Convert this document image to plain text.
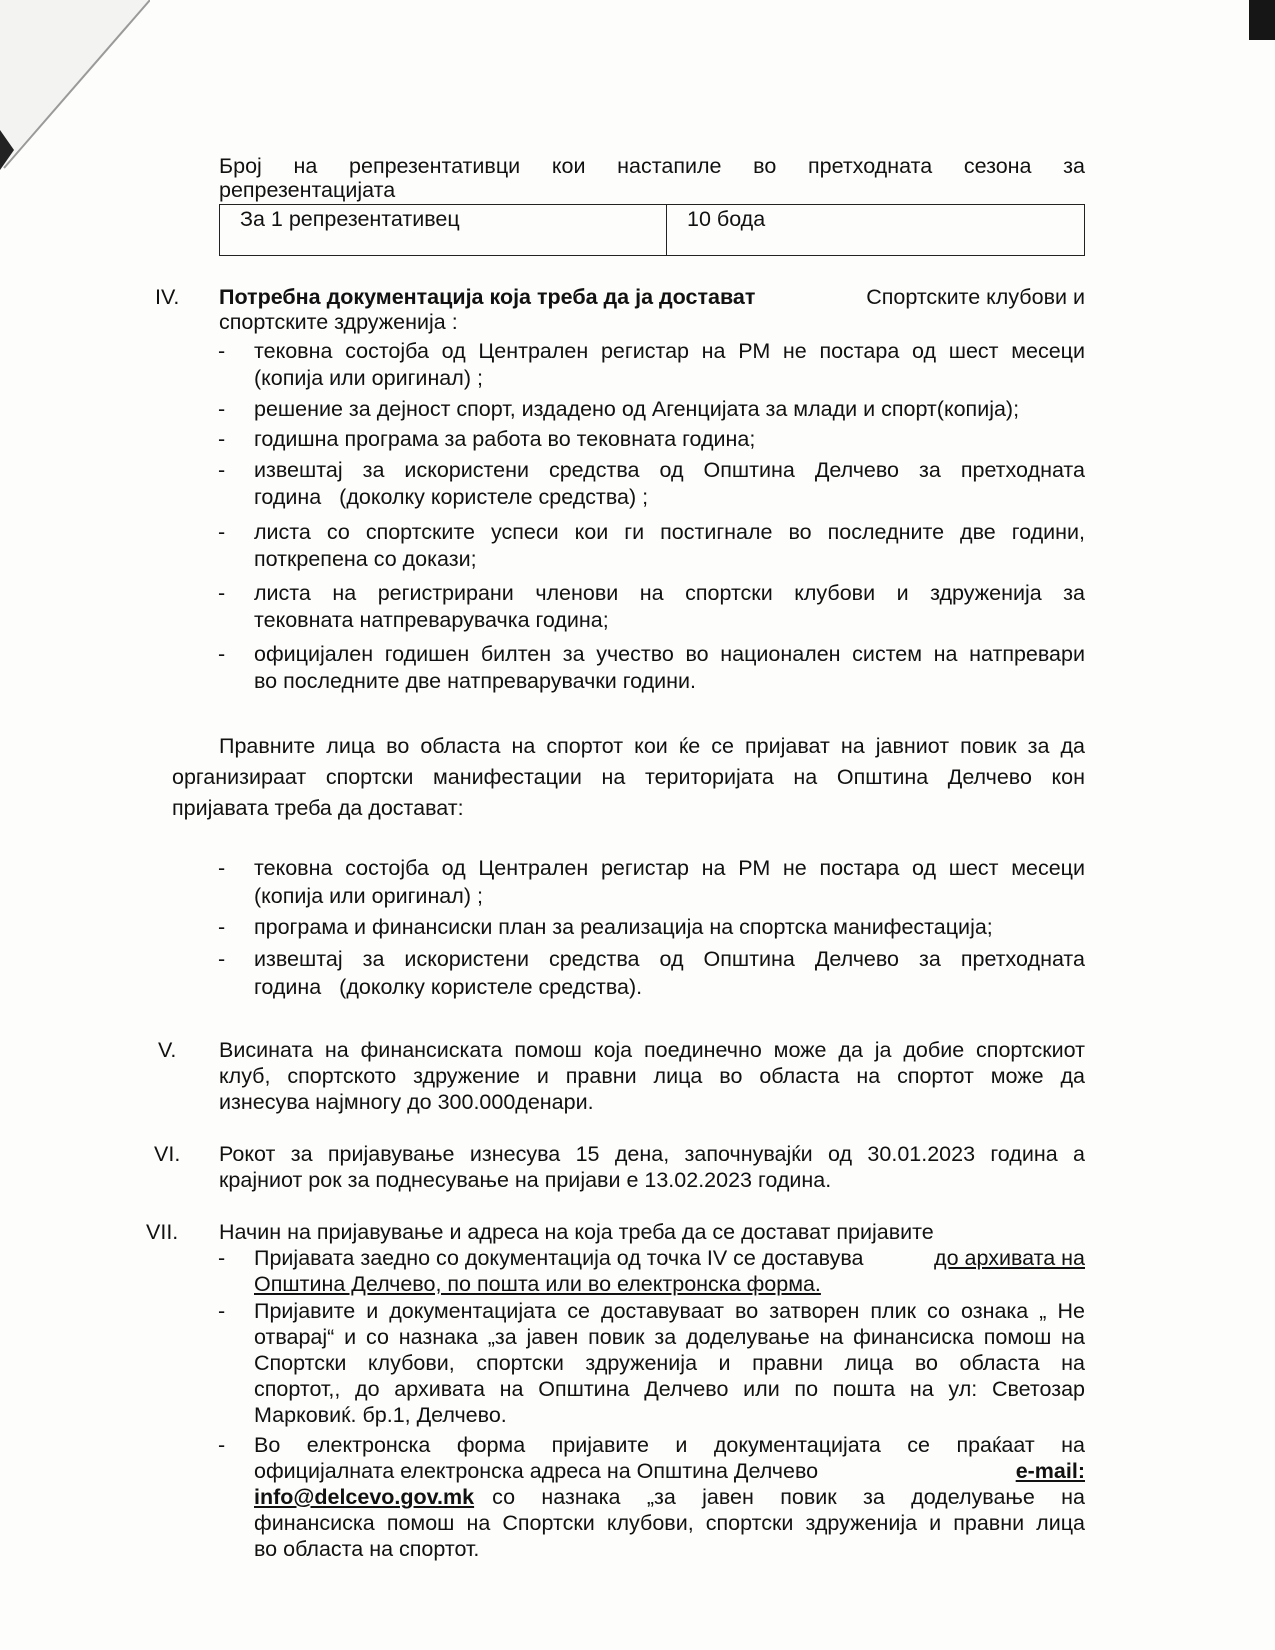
Број на репрезентативци кои настапиле во претходната сезона за
репрезентацијата
За 1 репрезентативец	10 бода
IV. Потребна документација која треба да ја достават	Спортските клубови и
спортските здруженија :
- тековна состојба од Централен регистар на РМ не постара од шест месеци
(копија или оригинал) ;
- решение за дејност спорт, издадено од Агенцијата за млади и спорт(копија);
- годишна програма за работа во тековната година;
- извештај за искористени средства од Општина Делчево за претходната
година   (доколку користеле средства) ;
- листа со спортските успеси кои ги постигнале во последните две години,
поткрепена со докази;
- листа на регистрирани членови на спортски клубови и здруженија за
тековната натпреварувачка година;
- официјален годишен билтен за учество во национален систем на натпревари
во последните две натпреварувачки години.
Правните лица во областа на спортот кои ќе се пријават на јавниот повик за да
организираат спортски манифестации на територијата на Општина Делчево кон
пријавата треба да достават:
- тековна состојба од Централен регистар на РМ не постара од шест месеци
(копија или оригинал) ;
- програма и финансиски план за реализација на спортска манифестација;
- извештај за искористени средства од Општина Делчево за претходната
година   (доколку користеле средства).
V. Висината на финансиската помош која поединечно може да ја добие спортскиот
клуб, спортското здружение и правни лица во областа на спортот може да
изнесува најмногу до 300.000денари.
VI. Рокот за пријавување изнесува 15 дена, започнувајќи од 30.01.2023 година а
крајниот рок за поднесување на пријави е 13.02.2023 година.
VII. Начин на пријавување и адреса на која треба да се достават пријавите
- Пријавата заедно со документација од точка IV се доставува	до архивата на
Општина Делчево, по пошта или во електронска форма.
- Пријавите и документацијата се доставуваат во затворен плик со ознака „ Не
отварај“ и со назнака „за јавен повик за доделување на финансиска помош на
Спортски клубови, спортски здруженија и правни лица во областа на
спортот,, до архивата на Општина Делчево или по пошта на ул: Светозар
Марковиќ. бр.1, Делчево.
- Во електронска форма пријавите и документацијата се праќаат на
официјалната електронска адреса на Општина Делчево	e-mail:
info@delcevo.gov.mk со назнака „за јавен повик за доделување на
финансиска помош на Спортски клубови, спортски здруженија и правни лица
во областа на спортот.
